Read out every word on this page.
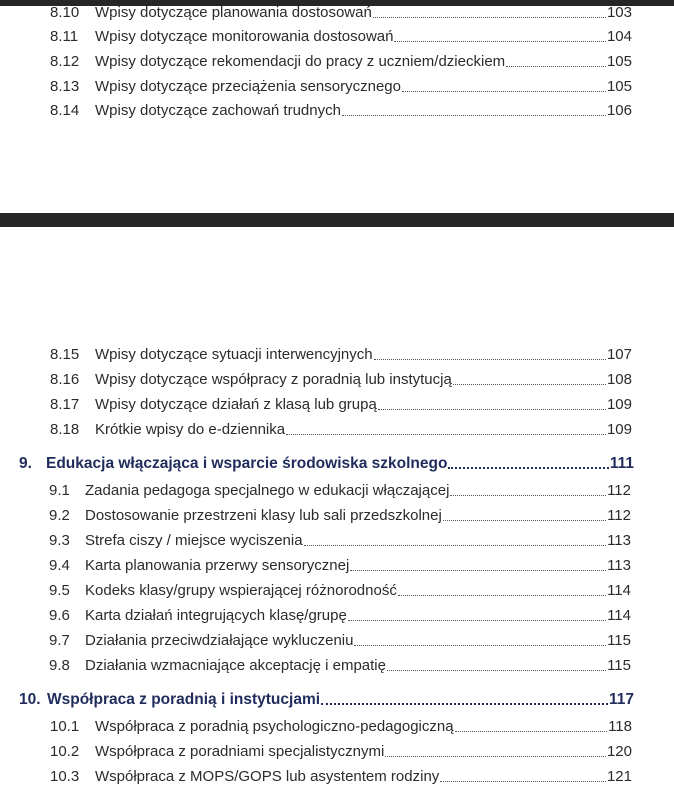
8.10	Wpisy dotyczące planowania dostosowań	103
8.11	Wpisy dotyczące monitorowania dostosowań	104
8.12	Wpisy dotyczące rekomendacji do pracy z uczniem/dzieckiem	105
8.13	Wpisy dotyczące przeciążenia sensorycznego	105
8.14	Wpisy dotyczące zachowań trudnych	106
8.15	Wpisy dotyczące sytuacji interwencyjnych	107
8.16	Wpisy dotyczące współpracy z poradnią lub instytucją	108
8.17	Wpisy dotyczące działań z klasą lub grupą	109
8.18	Krótkie wpisy do e-dziennika	109
9. Edukacja włączająca i wsparcie środowiska szkolnego	111
9.1	Zadania pedagoga specjalnego w edukacji włączającej	112
9.2	Dostosowanie przestrzeni klasy lub sali przedszkolnej	112
9.3	Strefa ciszy / miejsce wyciszenia	113
9.4	Karta planowania przerwy sensorycznej	113
9.5	Kodeks klasy/grupy wspierającej różnorodność	114
9.6	Karta działań integrujących klasę/grupę	114
9.7	Działania przeciwdziałające wykluczeniu	115
9.8	Działania wzmacniające akceptację i empatię	115
10. Współpraca z poradnią i instytucjami	117
10.1	Współpraca z poradnią psychologiczno-pedagogiczną	118
10.2	Współpraca z poradniami specjalistycznymi	120
10.3	Współpraca z MOPS/GOPS lub asystentem rodziny	121
